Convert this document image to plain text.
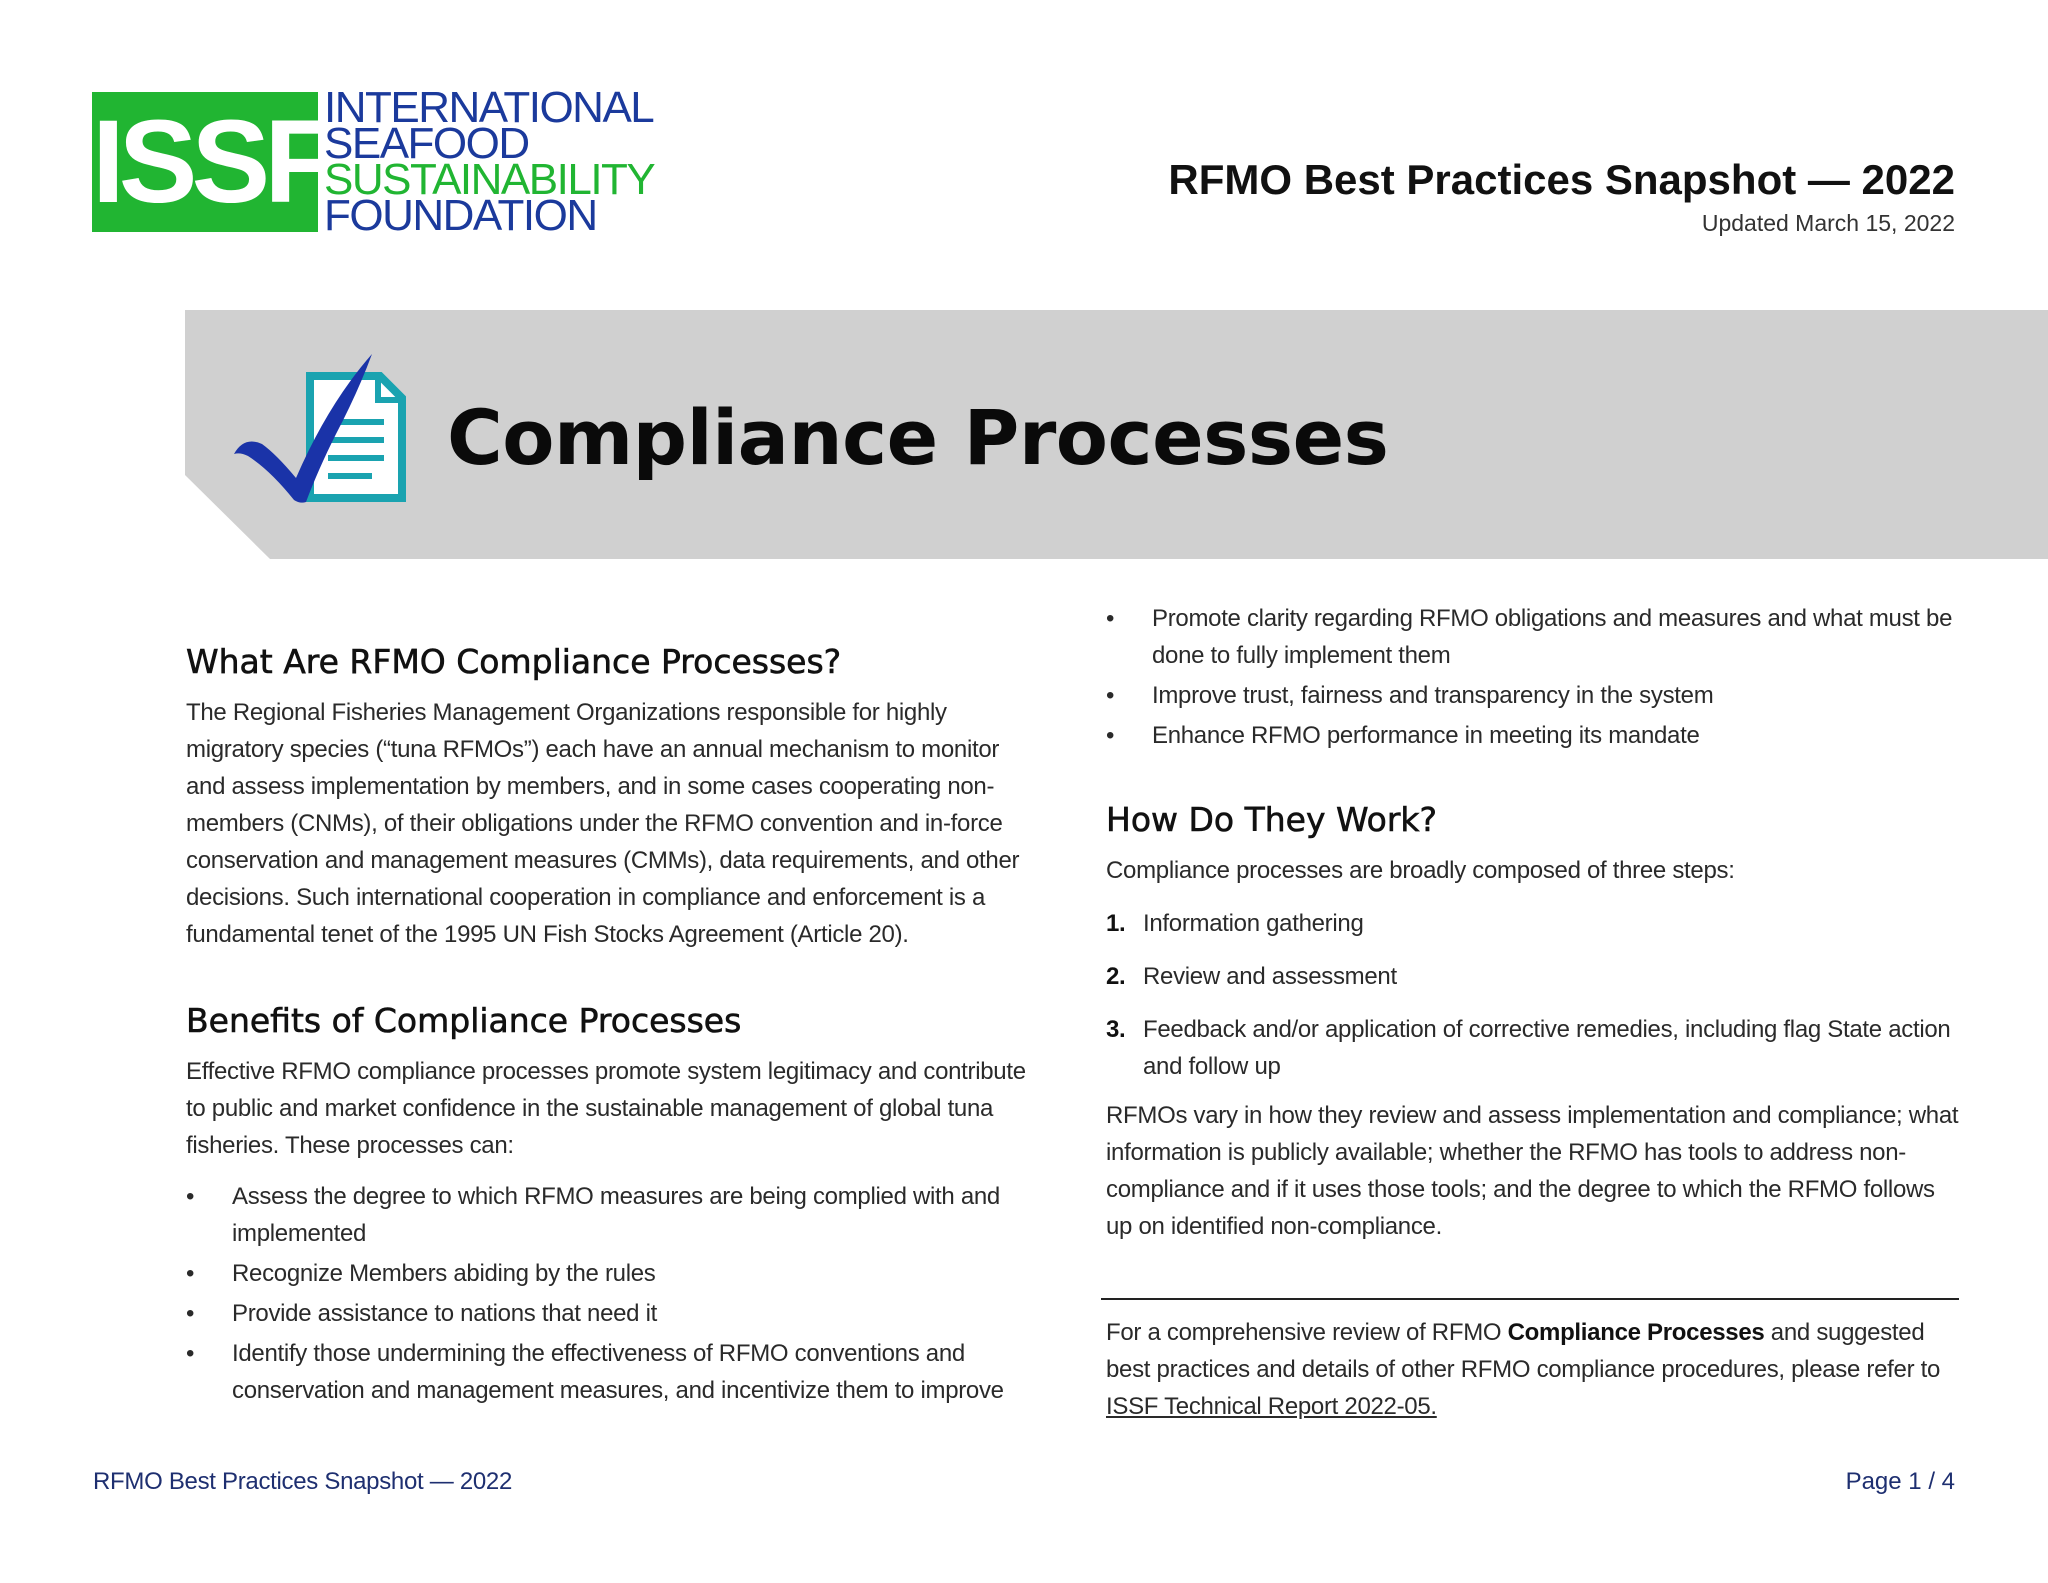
ISSF
INTERNATIONAL
SEAFOOD
SUSTAINABILITY
FOUNDATION
RFMO Best Practices Snapshot — 2022
Updated March 15, 2022
Compliance Processes
What Are RFMO Compliance Processes?

The Regional Fisheries Management Organizations responsible for highly migratory species (“tuna RFMOs”) each have an annual mechanism to monitor and assess implementation by members, and in some cases cooperating non-members (CNMs), of their obligations under the RFMO convention and in-force conservation and management measures (CMMs), data requirements, and other decisions. Such international cooperation in compliance and enforcement is a fundamental tenet of the 1995 UN Fish Stocks Agreement (Article 20).

Benefits of Compliance Processes

Effective RFMO compliance processes promote system legitimacy and contribute to public and market confidence in the sustainable management of global tuna fisheries. These processes can:

• Assess the degree to which RFMO measures are being complied with and implemented
• Recognize Members abiding by the rules
• Provide assistance to nations that need it
• Identify those undermining the effectiveness of RFMO conventions and conservation and management measures, and incentivize them to improve
• Promote clarity regarding RFMO obligations and measures and what must be done to fully implement them
• Improve trust, fairness and transparency in the system
• Enhance RFMO performance in meeting its mandate
How Do They Work?

Compliance processes are broadly composed of three steps:

1. Information gathering
2. Review and assessment
3. Feedback and/or application of corrective remedies, including flag State action and follow up

RFMOs vary in how they review and assess implementation and compliance; what information is publicly available; whether the RFMO has tools to address non-compliance and if it uses those tools; and the degree to which the RFMO follows up on identified non-compliance.

For a comprehensive review of RFMO Compliance Processes and suggested best practices and details of other RFMO compliance procedures, please refer to ISSF Technical Report 2022-05.

RFMO Best Practices Snapshot — 2022	Page 1 / 4
